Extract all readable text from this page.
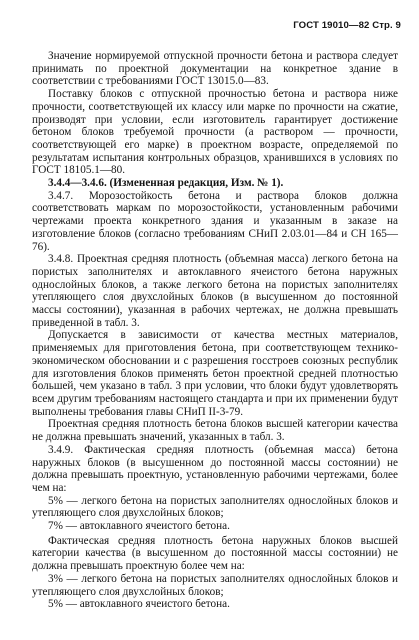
ГОСТ 19010—82 Стр. 9

Значение нормируемой отпускной прочности бетона и раствора следует принимать по проектной документации на конкретное здание в соответствии с требованиями ГОСТ 13015.0—83.

Поставку блоков с отпускной прочностью бетона и раствора ниже прочности, соответствующей их классу или марке по прочности на сжатие, производят при условии, если изготовитель гарантирует достижение бетоном блоков требуемой прочности (а раствором — прочности, соответствующей его марке) в проектном возрасте, определяемой по результатам испытания контрольных образцов, хранившихся в условиях по ГОСТ 18105.1—80.

3.4.4—3.4.6. (Измененная редакция, Изм. № 1).

3.4.7. Морозостойкость бетона и раствора блоков должна соответствовать маркам по морозостойкости, установленным рабочими чертежами проекта конкретного здания и указанным в заказе на изготовление блоков (согласно требованиям СНиП 2.03.01—84 и СН 165—76).

3.4.8. Проектная средняя плотность (объемная масса) легкого бетона на пористых заполнителях и автоклавного ячеистого бетона наружных однослойных блоков, а также легкого бетона на пористых заполнителях утепляющего слоя двухслойных блоков (в высушенном до постоянной массы состоянии), указанная в рабочих чертежах, не должна превышать приведенной в табл. 3.

Допускается в зависимости от качества местных материалов, применяемых для приготовления бетона, при соответствующем технико-экономическом обосновании и с разрешения госстроев союзных республик для изготовления блоков применять бетон проектной средней плотностью большей, чем указано в табл. 3 при условии, что блоки будут удовлетворять всем другим требованиям настоящего стандарта и при их применении будут выполнены требования главы СНиП II-3-79.

Проектная средняя плотность бетона блоков высшей категории качества не должна превышать значений, указанных в табл. 3.

3.4.9. Фактическая средняя плотность (объемная масса) бетона наружных блоков (в высушенном до постоянной массы состоянии) не должна превышать проектную, установленную рабочими чертежами, более чем на:

5% — легкого бетона на пористых заполнителях однослойных блоков и утепляющего слоя двухслойных блоков;

7% — автоклавного ячеистого бетона.

Фактическая средняя плотность бетона наружных блоков высшей категории качества (в высушенном до постоянной массы состоянии) не должна превышать проектную более чем на:

3% — легкого бетона на пористых заполнителях однослойных блоков и утепляющего слоя двухслойных блоков;

5% — автоклавного ячеистого бетона.
